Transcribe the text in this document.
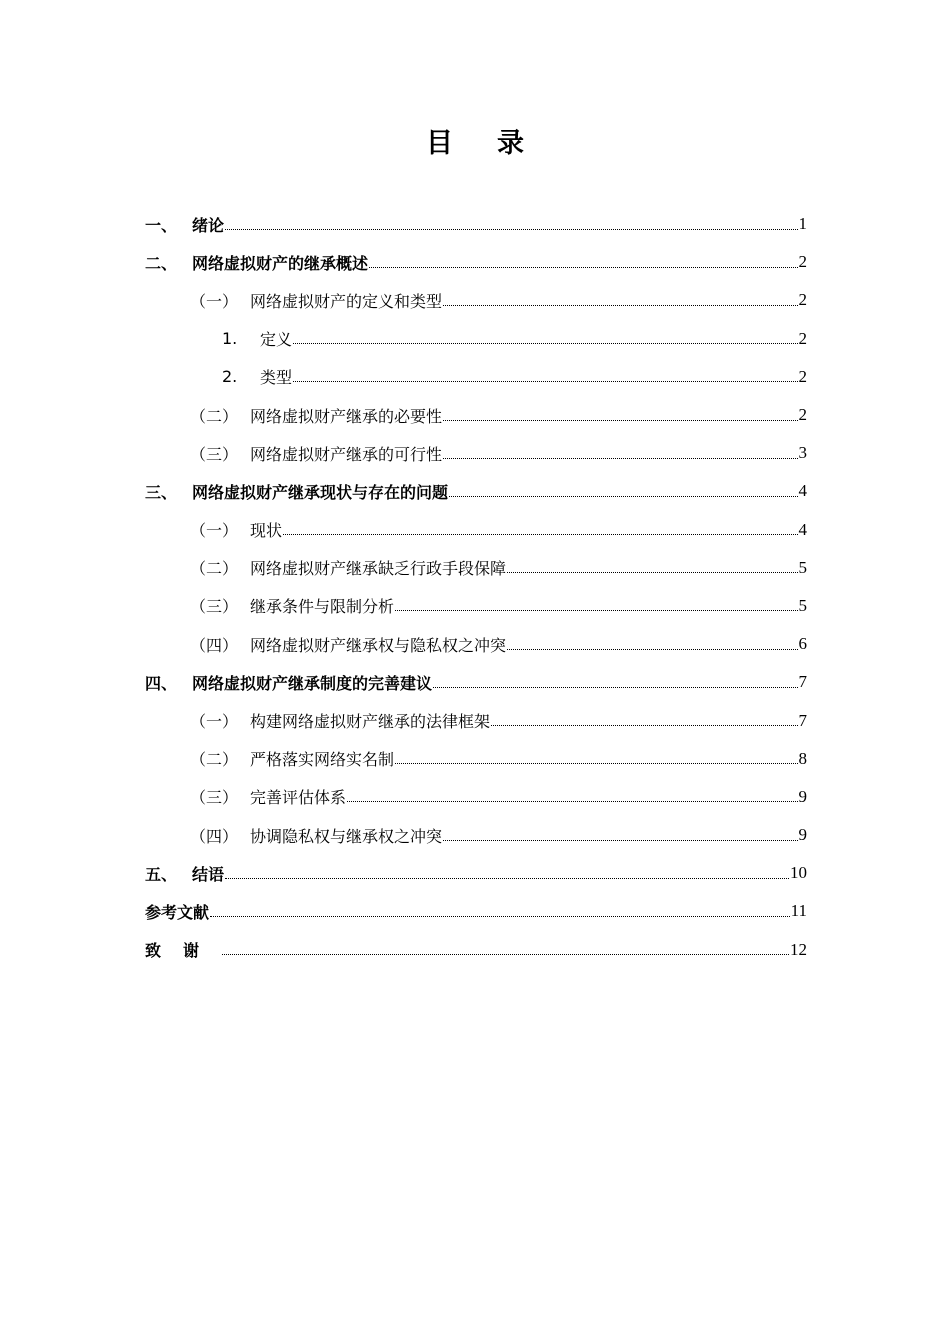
目录
一、 绪论	1
二、 网络虚拟财产的继承概述	2
（一） 网络虚拟财产的定义和类型	2
1.	定义	2
2.	类型	2
（二） 网络虚拟财产继承的必要性	2
（三） 网络虚拟财产继承的可行性	3
三、 网络虚拟财产继承现状与存在的问题	4
（一） 现状	4
（二） 网络虚拟财产继承缺乏行政手段保障	5
（三） 继承条件与限制分析	5
（四） 网络虚拟财产继承权与隐私权之冲突	6
四、 网络虚拟财产继承制度的完善建议	7
（一） 构建网络虚拟财产继承的法律框架	7
（二） 严格落实网络实名制	8
（三） 完善评估体系	9
（四） 协调隐私权与继承权之冲突	9
五、 结语	10
参考文献	11
致谢	12
